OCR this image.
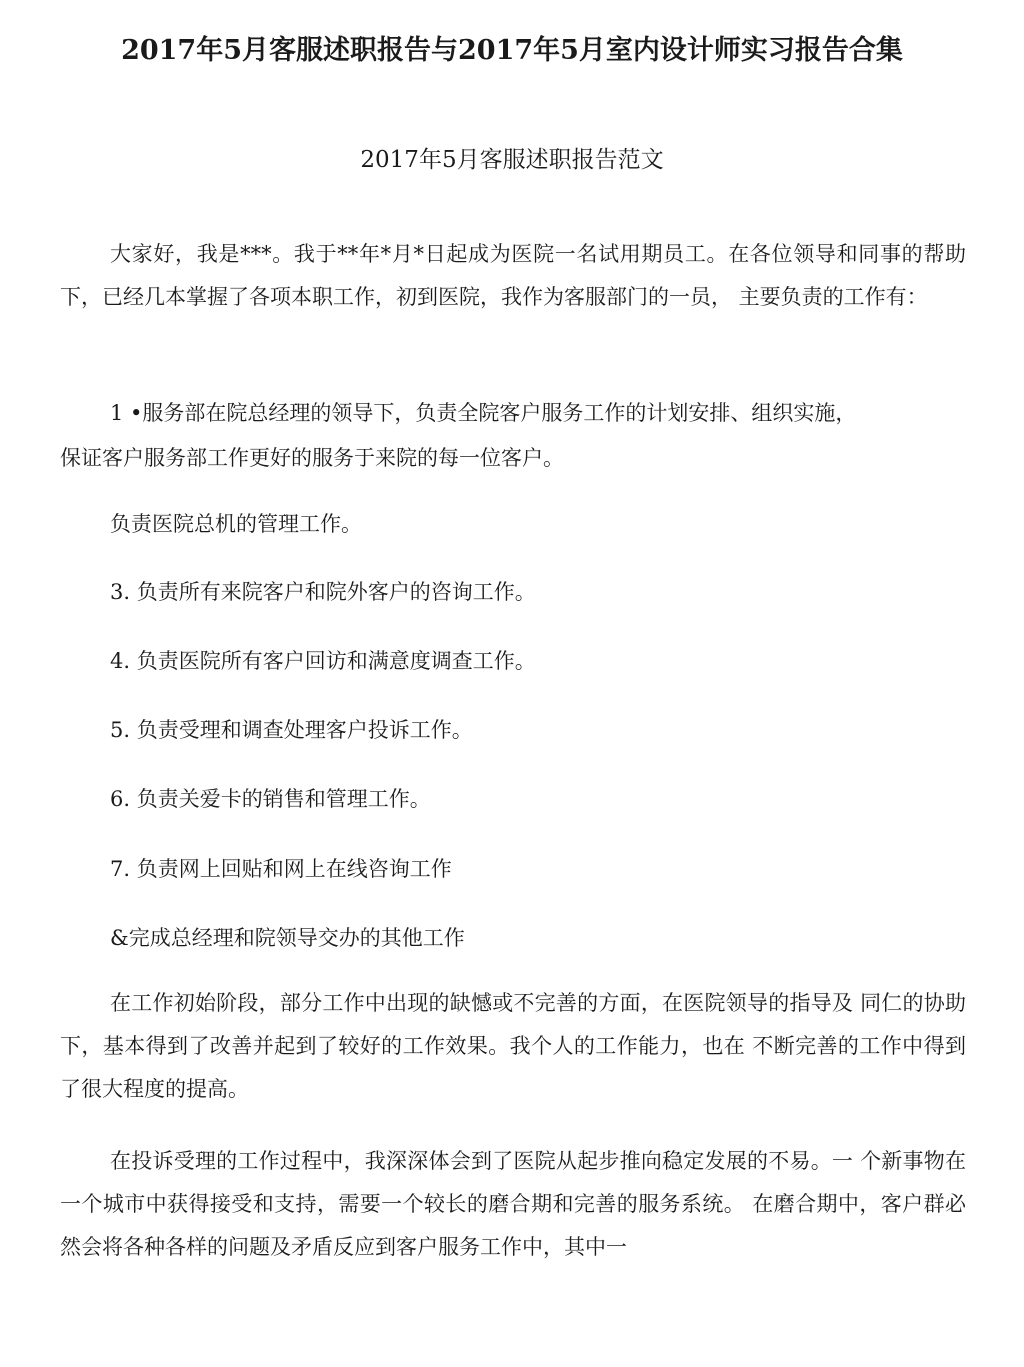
2017年5月客服述职报告与2017年5月室内设计师实习报告合集
2017年5月客服述职报告范文

大家好，我是***。我于**年*月*日起成为医院一名试用期员工。在各位领导和同事的帮助下，已经几本掌握了各项本职工作，初到医院，我作为客服部门的一员， 主要负责的工作有：

1 •服务部在院总经理的领导下，负责全院客户服务工作的计划安排、组织实施，

保证客户服务部工作更好的服务于来院的每一位客户。

负责医院总机的管理工作。

3. 负责所有来院客户和院外客户的咨询工作。

4. 负责医院所有客户回访和满意度调查工作。

5. 负责受理和调查处理客户投诉工作。

6. 负责关爱卡的销售和管理工作。

7. 负责网上回贴和网上在线咨询工作

&完成总经理和院领导交办的其他工作

在工作初始阶段，部分工作中出现的缺憾或不完善的方面，在医院领导的指导及 同仁的协助下，基本得到了改善并起到了较好的工作效果。我个人的工作能力，也在 不断完善的工作中得到了很大程度的提高。

在投诉受理的工作过程中，我深深体会到了医院从起步推向稳定发展的不易。一 个新事物在一个城市中获得接受和支持，需要一个较长的磨合期和完善的服务系统。 在磨合期中，客户群必然会将各种各样的问题及矛盾反应到客户服务工作中，其中一
